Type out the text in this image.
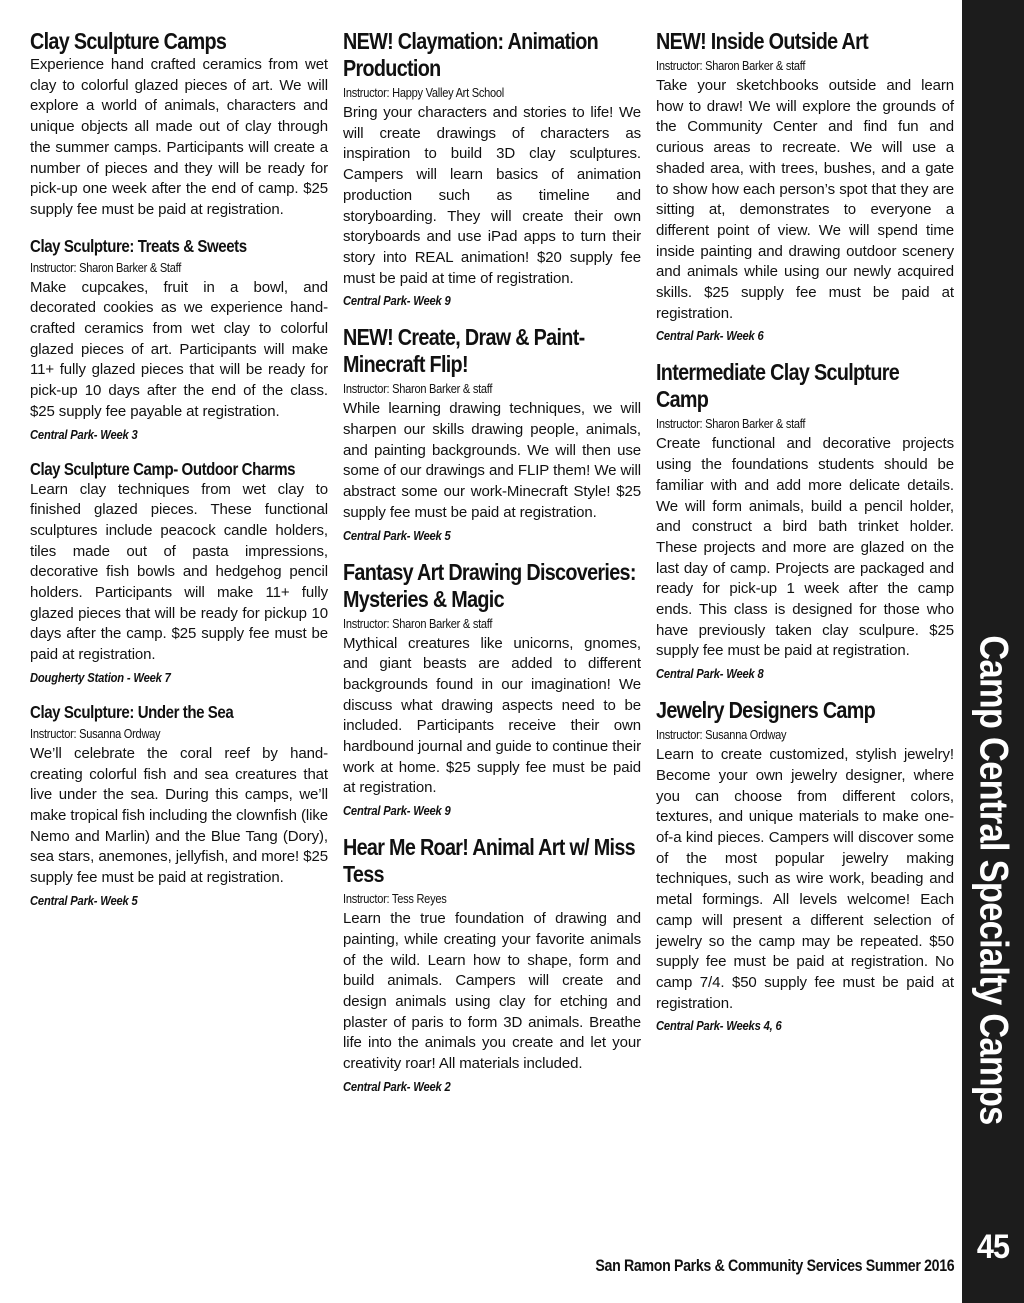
Clay Sculpture Camps

Experience hand crafted ceramics from wet clay to colorful glazed pieces of art. We will explore a world of animals, characters and unique objects all made out of clay through the summer camps. Participants will create a number of pieces and they will be ready for pick-up one week after the end of camp. $25 supply fee must be paid at registration.

Clay Sculpture: Treats & Sweets
Instructor: Sharon Barker & Staff

Make cupcakes, fruit in a bowl, and decorated cookies as we experience hand-crafted ceramics from wet clay to colorful glazed pieces of art. Participants will make 11+ fully glazed pieces that will be ready for pick-up 10 days after the end of the class. $25 supply fee payable at registration.

Central Park- Week 3
Clay Sculpture Camp- Outdoor Charms

Learn clay techniques from wet clay to finished glazed pieces. These functional sculptures include peacock candle holders, tiles made out of pasta impressions, decorative fish bowls and hedgehog pencil holders. Participants will make 11+ fully glazed pieces that will be ready for pickup 10 days after the camp. $25 supply fee must be paid at registration.

Dougherty Station - Week 7
Clay Sculpture: Under the Sea
Instructor: Susanna Ordway

We’ll celebrate the coral reef by hand-creating colorful fish and sea creatures that live under the sea. During this camps, we’ll make tropical fish including the clownfish (like Nemo and Marlin) and the Blue Tang (Dory), sea stars, anemones, jellyfish, and more! $25 supply fee must be paid at registration.

Central Park- Week 5
NEW! Claymation: Animation Production
Instructor: Happy Valley Art School

Bring your characters and stories to life! We will create drawings of characters as inspiration to build 3D clay sculptures. Campers will learn basics of animation production such as timeline and storyboarding. They will create their own storyboards and use iPad apps to turn their story into REAL animation! $20 supply fee must be paid at time of registration.

Central Park- Week 9
NEW! Create, Draw & Paint- Minecraft Flip!
Instructor: Sharon Barker & staff

While learning drawing techniques, we will sharpen our skills drawing people, animals, and painting backgrounds. We will then use some of our drawings and FLIP them! We will abstract some our work-Minecraft Style! $25 supply fee must be paid at registration.

Central Park- Week 5
Fantasy Art Drawing Discoveries: Mysteries & Magic
Instructor: Sharon Barker & staff

Mythical creatures like unicorns, gnomes, and giant beasts are added to different backgrounds found in our imagination! We discuss what drawing aspects need to be included. Participants receive their own hardbound journal and guide to continue their work at home. $25 supply fee must be paid at registration.

Central Park- Week 9
Hear Me Roar! Animal Art w/ Miss Tess
Instructor: Tess Reyes

Learn the true foundation of drawing and painting, while creating your favorite animals of the wild. Learn how to shape, form and build animals. Campers will create and design animals using clay for etching and plaster of paris to form 3D animals. Breathe life into the animals you create and let your creativity roar! All materials included.

Central Park- Week 2
NEW! Inside Outside Art
Instructor: Sharon Barker & staff

Take your sketchbooks outside and learn how to draw! We will explore the grounds of the Community Center and find fun and curious areas to recreate. We will use a shaded area, with trees, bushes, and a gate to show how each person’s spot that they are sitting at, demonstrates to everyone a different point of view. We will spend time inside painting and drawing outdoor scenery and animals while using our newly acquired skills. $25 supply fee must be paid at registration.

Central Park- Week 6
Intermediate Clay Sculpture Camp
Instructor: Sharon Barker & staff

Create functional and decorative projects using the foundations students should be familiar with and add more delicate details. We will form animals, build a pencil holder, and construct a bird bath trinket holder. These projects and more are glazed on the last day of camp. Projects are packaged and ready for pick-up 1 week after the camp ends. This class is designed for those who have previously taken clay sculpure. $25 supply fee must be paid at registration.

Central Park- Week 8
Jewelry Designers Camp
Instructor: Susanna Ordway

Learn to create customized, stylish jewelry! Become your own jewelry designer, where you can choose from different colors, textures, and unique materials to make one-of-a kind pieces. Campers will discover some of the most popular jewelry making techniques, such as wire work, beading and metal formings. All levels welcome! Each camp will present a different selection of jewelry so the camp may be repeated. $50 supply fee must be paid at registration. No camp 7/4. $50 supply fee must be paid at registration.

Central Park- Weeks 4, 6	Camp Central Specialty Camps
45
San Ramon Parks & Community Services Summer 2016
